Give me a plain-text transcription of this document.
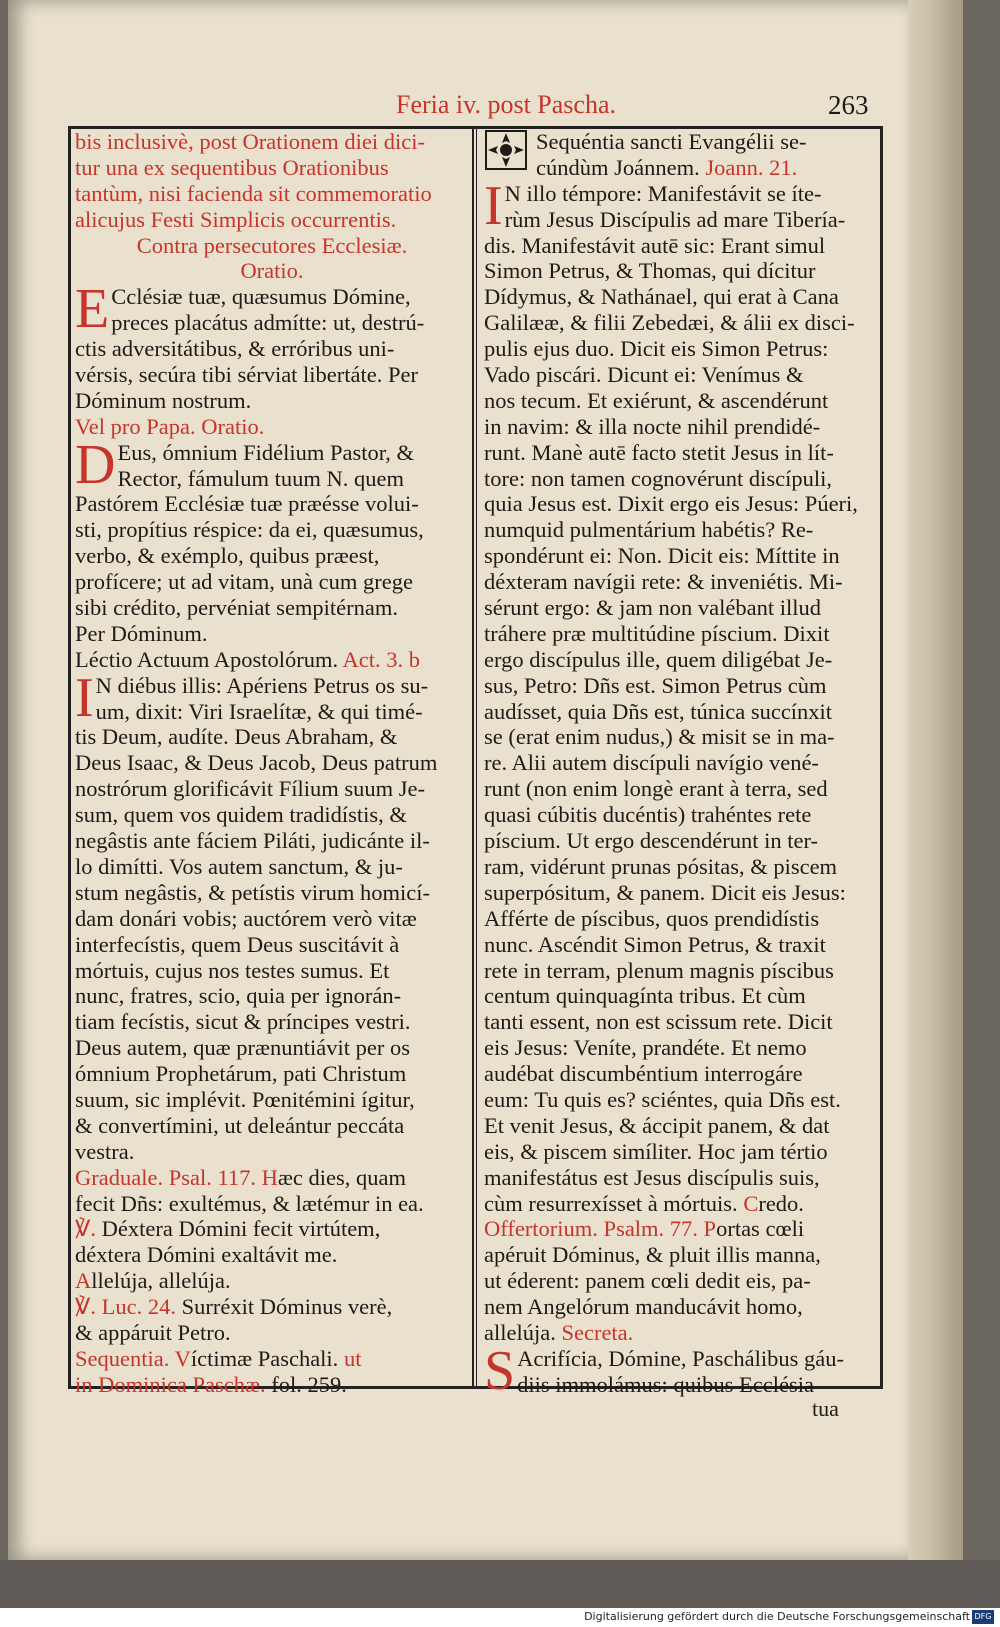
Feria iv. post Pascha.	263
bis inclusivè, post Orationem diei dici-
tur una ex sequentibus Orationibus
tantùm, nisi facienda sit commemoratio
alicujus Festi Simplicis occurrentis.
Contra persecutores Ecclesiæ.
Oratio.
E Cclésiæ tuæ, quæsumus Dómine,
preces placátus admítte: ut, destrú-
ctis adversitátibus, & erróribus uni-
vérsis, secúra tibi sérviat libertáte. Per
Dóminum nostrum.
Vel pro Papa. Oratio.
D Eus, ómnium Fidélium Pastor, &
Rector, fámulum tuum N. quem
Pastórem Ecclésiæ tuæ præésse volui-
sti, propítius réspice: da ei, quæsumus,
verbo, & exémplo, quibus præest,
profícere; ut ad vitam, unà cum grege
sibi crédito, pervéniat sempitérnam.
Per Dóminum.
Léctio Actuum Apostolórum. Act. 3. b
I N diébus illis: Apériens Petrus os su-
um, dixit: Viri Israelítæ, & qui timé-
tis Deum, audíte. Deus Abraham, &
Deus Isaac, & Deus Jacob, Deus patrum
nostrórum glorificávit Fílium suum Je-
sum, quem vos quidem tradidístis, &
negâstis ante fáciem Piláti, judicánte il-
lo dimítti. Vos autem sanctum, & ju-
stum negâstis, & petístis virum homicí-
dam donári vobis; auctórem verò vitæ
interfecístis, quem Deus suscitávit à
mórtuis, cujus nos testes sumus. Et
nunc, fratres, scio, quia per ignorán-
tiam fecístis, sicut & príncipes vestri.
Deus autem, quæ prænuntiávit per os
ómnium Prophetárum, pati Christum
suum, sic implévit. Pœnitémini ígitur,
& convertímini, ut deleántur peccáta
vestra.
Graduale. Psal. 117. Hæc dies, quam
fecit Dñs: exultémus, & lætémur in ea.
℣. Déxtera Dómini fecit virtútem,
déxtera Dómini exaltávit me.
Allelúja, allelúja.
℣. Luc. 24. Surréxit Dóminus verè,
& appáruit Petro.
Sequentia. Víctimæ Paschali. ut
in Dominica Paschæ. fol. 259.
Sequéntia sancti Evangélii se-
cúndùm Joánnem. Joann. 21.
I N illo témpore: Manifestávit se íte-
rùm Jesus Discípulis ad mare Tibería-
dis. Manifestávit autē sic: Erant simul
Simon Petrus, & Thomas, qui dícitur
Dídymus, & Nathánael, qui erat à Cana
Galilææ, & filii Zebedæi, & álii ex disci-
pulis ejus duo. Dicit eis Simon Petrus:
Vado piscári. Dicunt ei: Venímus &
nos tecum. Et exiérunt, & ascendérunt
in navim: & illa nocte nihil prendidé-
runt. Manè autē facto stetit Jesus in lít-
tore: non tamen cognovérunt discípuli,
quia Jesus est. Dixit ergo eis Jesus: Púeri,
numquid pulmentárium habétis? Re-
spondérunt ei: Non. Dicit eis: Míttite in
déxteram navígii rete: & inveniétis. Mi-
sérunt ergo: & jam non valébant illud
tráhere præ multitúdine píscium. Dixit
ergo discípulus ille, quem diligébat Je-
sus, Petro: Dñs est. Simon Petrus cùm
audísset, quia Dñs est, túnica succínxit
se (erat enim nudus,) & misit se in ma-
re. Alii autem discípuli navígio vené-
runt (non enim longè erant à terra, sed
quasi cúbitis ducéntis) trahéntes rete
píscium. Ut ergo descendérunt in ter-
ram, vidérunt prunas pósitas, & piscem
superpósitum, & panem. Dicit eis Jesus:
Afférte de píscibus, quos prendidístis
nunc. Ascéndit Simon Petrus, & traxit
rete in terram, plenum magnis píscibus
centum quinquagínta tribus. Et cùm
tanti essent, non est scissum rete. Dicit
eis Jesus: Veníte, prandéte. Et nemo
audébat discumbéntium interrogáre
eum: Tu quis es? sciéntes, quia Dñs est.
Et venit Jesus, & áccipit panem, & dat
eis, & piscem simíliter. Hoc jam tértio
manifestátus est Jesus discípulis suis,
cùm resurrexísset à mórtuis. Credo.
Offertorium. Psalm. 77. Portas cœli
apéruit Dóminus, & pluit illis manna,
ut éderent: panem cœli dedit eis, pa-
nem Angelórum manducávit homo,
allelúja. Secreta.
S Acrifícia, Dómine, Paschálibus gáu-
diis immolámus: quibus Ecclésia
tua
Digitalisierung gefördert durch die Deutsche Forschungsgemeinschaft DFG
